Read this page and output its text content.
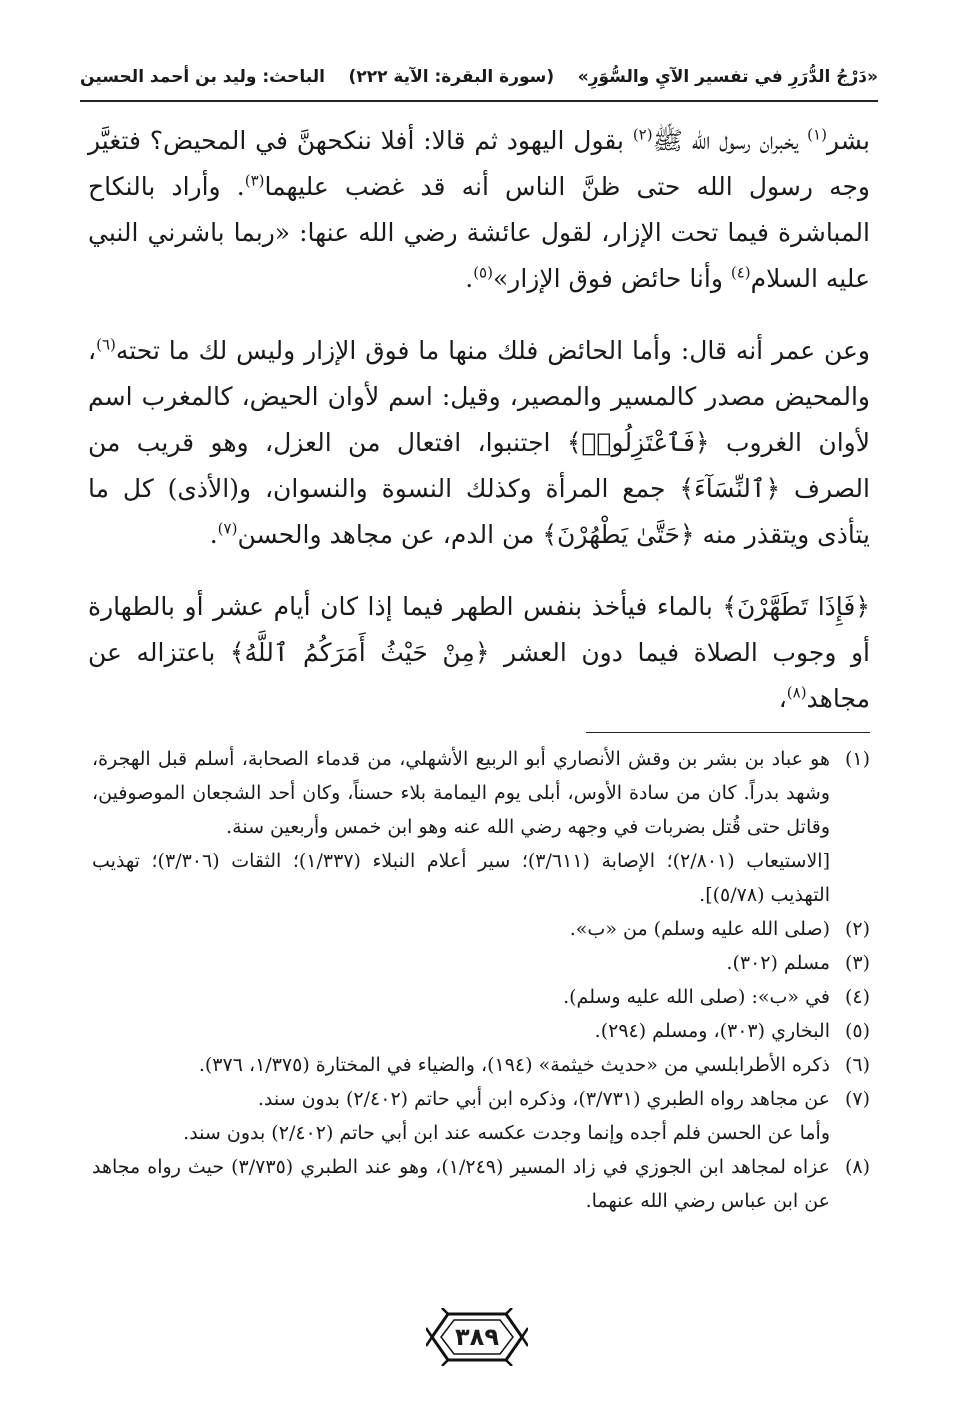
«دَرْجُ الدُّرَرِ في تفسير الآيِ والسُّوَرِ»
(سورة البقرة: الآية ٢٢٢)
الباحث: وليد بن أحمد الحسين

بشر$^{(١)}$ يخبران رسول الله ﷺ$^{(٢)}$ بقول اليهود ثم قالا: أفلا ننكحهنَّ في المحيض؟ فتغيَّر وجه رسول الله حتى ظنَّ الناس أنه قد غضب عليهما$^{(٣)}$. وأراد بالنكاح المباشرة فيما تحت الإزار، لقول عائشة رضي الله عنها: «ربما باشرني النبي عليه السلام$^{(٤)}$ وأنا حائض فوق الإزار»$^{(٥)}$.

وعن عمر أنه قال: وأما الحائض فلك منها ما فوق الإزار وليس لك ما تحته$^{(٦)}$، والمحيض مصدر كالمسير والمصير، وقيل: اسم لأوان الحيض، كالمغرب اسم لأوان الغروب ﴿فَٱعْتَزِلُوا۟﴾ اجتنبوا، افتعال من العزل، وهو قريب من الصرف ﴿ٱلنِّسَآءَ﴾ جمع المرأة وكذلك النسوة والنسوان، و(الأذى) كل ما يتأذى ويتقذر منه ﴿حَتَّىٰ يَطْهُرْنَ﴾ من الدم، عن مجاهد والحسن$^{(٧)}$.

﴿فَإِذَا تَطَهَّرْنَ﴾ بالماء فيأخذ بنفس الطهر فيما إذا كان أيام عشر أو بالطهارة أو وجوب الصلاة فيما دون العشر ﴿مِنْ حَيْثُ أَمَرَكُمُ ٱللَّهُ﴾ باعتزاله عن مجاهد$^{(٨)}$،

(١)
هو عباد بن بشر بن وقش الأنصاري أبو الربيع الأشهلي، من قدماء الصحابة، أسلم قبل الهجرة، وشهد بدراً. كان من سادة الأوس، أبلى يوم اليمامة بلاء حسناً، وكان أحد الشجعان الموصوفين، وقاتل حتى قُتل بضربات في وجهه رضي الله عنه وهو ابن خمس وأربعين سنة.
[الاستيعاب (٢/٨٠١)؛ الإصابة (٣/٦١١)؛ سير أعلام النبلاء (١/٣٣٧)؛ الثقات (٣/٣٠٦)؛ تهذيب التهذيب (٥/٧٨)].
(٢)
(صلى الله عليه وسلم) من «ب».
(٣)
مسلم (٣٠٢).
(٤)
في «ب»: (صلى الله عليه وسلم).
(٥)
البخاري (٣٠٣)، ومسلم (٢٩٤).
(٦)
ذكره الأطرابلسي من «حديث خيثمة» (١٩٤)، والضياء في المختارة (١/٣٧٥، ٣٧٦).
(٧)
عن مجاهد رواه الطبري (٣/٧٣١)، وذكره ابن أبي حاتم (٢/٤٠٢) بدون سند.
وأما عن الحسن فلم أجده وإنما وجدت عكسه عند ابن أبي حاتم (٢/٤٠٢) بدون سند.
(٨)
عزاه لمجاهد ابن الجوزي في زاد المسير (١/٢٤٩)، وهو عند الطبري (٣/٧٣٥) حيث رواه مجاهد عن ابن عباس رضي الله عنهما.
٣٨٩
